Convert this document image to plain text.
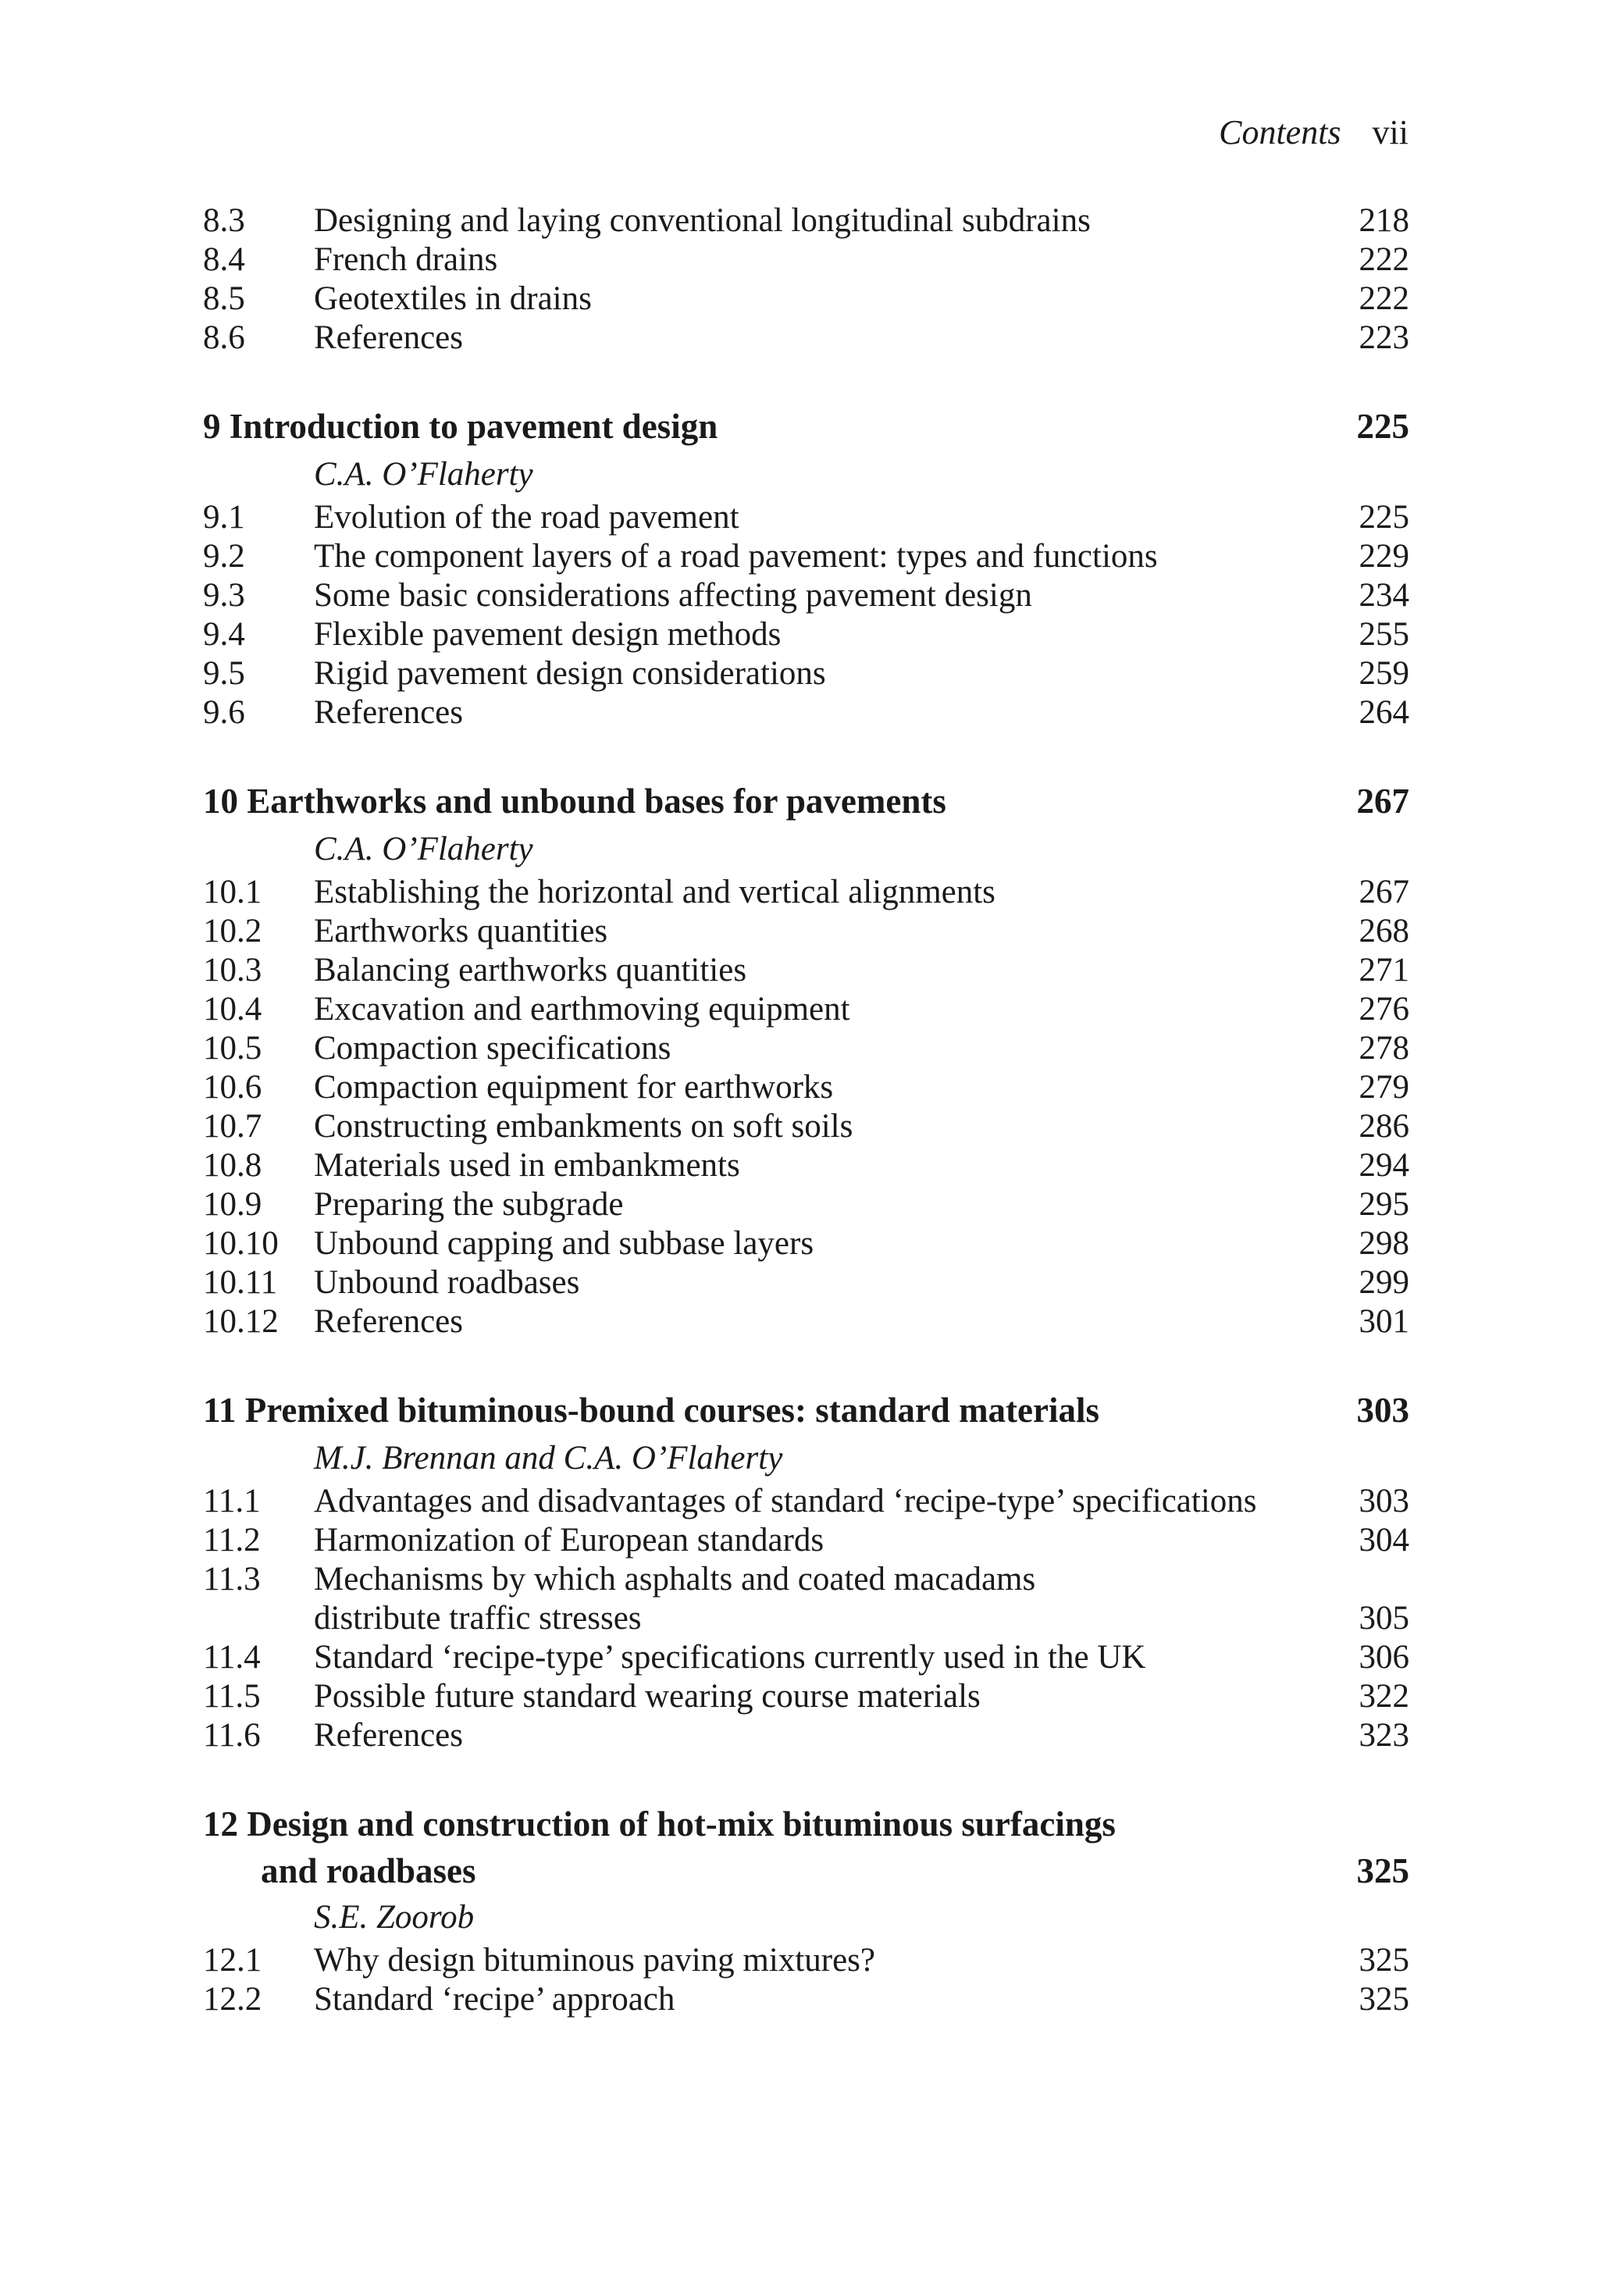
Contents vii
8.3 Designing and laying conventional longitudinal subdrains	218
8.4 French drains	222
8.5 Geotextiles in drains	222
8.6 References	223
9 Introduction to pavement design	225
C.A. O’Flaherty
9.1 Evolution of the road pavement	225
9.2 The component layers of a road pavement: types and functions	229
9.3 Some basic considerations affecting pavement design	234
9.4 Flexible pavement design methods	255
9.5 Rigid pavement design considerations	259
9.6 References	264
10 Earthworks and unbound bases for pavements	267
C.A. O’Flaherty
10.1 Establishing the horizontal and vertical alignments	267
10.2 Earthworks quantities	268
10.3 Balancing earthworks quantities	271
10.4 Excavation and earthmoving equipment	276
10.5 Compaction specifications	278
10.6 Compaction equipment for earthworks	279
10.7 Constructing embankments on soft soils	286
10.8 Materials used in embankments	294
10.9 Preparing the subgrade	295
10.10 Unbound capping and subbase layers	298
10.11 Unbound roadbases	299
10.12 References	301
11 Premixed bituminous-bound courses: standard materials	303
M.J. Brennan and C.A. O’Flaherty
11.1 Advantages and disadvantages of standard ‘recipe-type’ specifications	303
11.2 Harmonization of European standards	304
11.3 Mechanisms by which asphalts and coated macadams
distribute traffic stresses	305
11.4 Standard ‘recipe-type’ specifications currently used in the UK	306
11.5 Possible future standard wearing course materials	322
11.6 References	323
12 Design and construction of hot-mix bituminous surfacings
and roadbases	325
S.E. Zoorob
12.1 Why design bituminous paving mixtures?	325
12.2 Standard ‘recipe’ approach	325
